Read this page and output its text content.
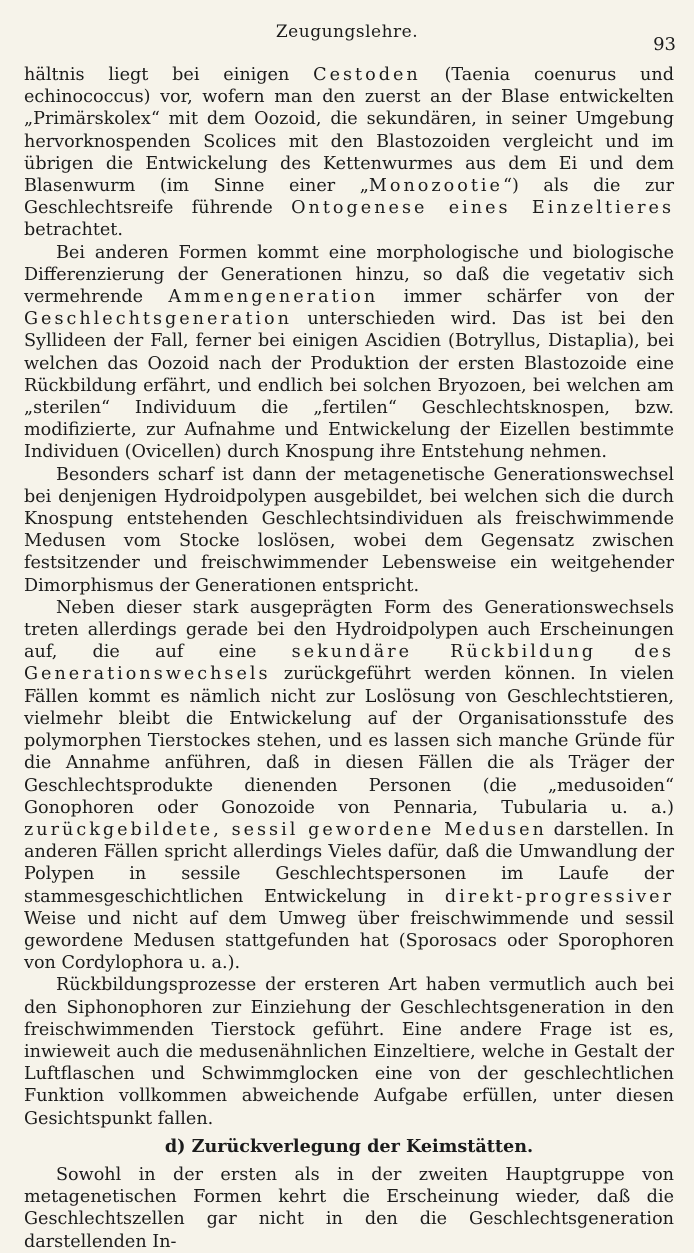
Zeugungslehre.
93

hältnis liegt bei einigen Cestoden (Taenia coenurus und echinococcus) vor, wofern man den zuerst an der Blase entwickelten „Primärskolex“ mit dem Oozoid, die sekundären, in seiner Umgebung hervorknospenden Scolices mit den Blastozoiden vergleicht und im übrigen die Entwickelung des Kettenwurmes aus dem Ei und dem Blasenwurm (im Sinne einer „Monozootie“) als die zur Geschlechtsreife führende Ontogenese eines Einzeltieres betrachtet.

Bei anderen Formen kommt eine morphologische und biologische Differenzierung der Generationen hinzu, so daß die vegetativ sich vermehrende Ammengeneration immer schärfer von der Geschlechtsgeneration unterschieden wird. Das ist bei den Syllideen der Fall, ferner bei einigen Ascidien (Botryllus, Distaplia), bei welchen das Oozoid nach der Produktion der ersten Blastozoide eine Rückbildung erfährt, und endlich bei solchen Bryozoen, bei welchen am „sterilen“ Individuum die „fertilen“ Geschlechtsknospen, bzw. modifizierte, zur Aufnahme und Entwickelung der Eizellen bestimmte Individuen (Ovicellen) durch Knospung ihre Entstehung nehmen.

Besonders scharf ist dann der metagenetische Generationswechsel bei denjenigen Hydroidpolypen ausgebildet, bei welchen sich die durch Knospung entstehenden Geschlechtsindividuen als freischwimmende Medusen vom Stocke loslösen, wobei dem Gegensatz zwischen festsitzender und freischwimmender Lebensweise ein weitgehender Dimorphismus der Generationen entspricht.

Neben dieser stark ausgeprägten Form des Generationswechsels treten allerdings gerade bei den Hydroidpolypen auch Erscheinungen auf, die auf eine sekundäre Rückbildung des Generationswechsels zurückgeführt werden können. In vielen Fällen kommt es nämlich nicht zur Loslösung von Geschlechtstieren, vielmehr bleibt die Entwickelung auf der Organisationsstufe des polymorphen Tierstockes stehen, und es lassen sich manche Gründe für die Annahme anführen, daß in diesen Fällen die als Träger der Geschlechtsprodukte dienenden Personen (die „medusoiden“ Gonophoren oder Gonozoide von Pennaria, Tubularia u. a.) zurückgebildete, sessil gewordene Medusen darstellen. In anderen Fällen spricht allerdings Vieles dafür, daß die Umwandlung der Polypen in sessile Geschlechtspersonen im Laufe der stammesgeschichtlichen Entwickelung in direkt-progressiver Weise und nicht auf dem Umweg über freischwimmende und sessil gewordene Medusen stattgefunden hat (Sporosacs oder Sporophoren von Cordylophora u. a.).

Rückbildungsprozesse der ersteren Art haben vermutlich auch bei den Siphonophoren zur Einziehung der Geschlechtsgeneration in den freischwimmenden Tierstock geführt. Eine andere Frage ist es, inwieweit auch die medusenähnlichen Einzeltiere, welche in Gestalt der Luftflaschen und Schwimmglocken eine von der geschlechtlichen Funktion vollkommen abweichende Aufgabe erfüllen, unter diesen Gesichtspunkt fallen.

d) Zurückverlegung der Keimstätten.

Sowohl in der ersten als in der zweiten Hauptgruppe von metagenetischen Formen kehrt die Erscheinung wieder, daß die Geschlechtszellen gar nicht in den die Geschlechtsgeneration darstellenden In-
